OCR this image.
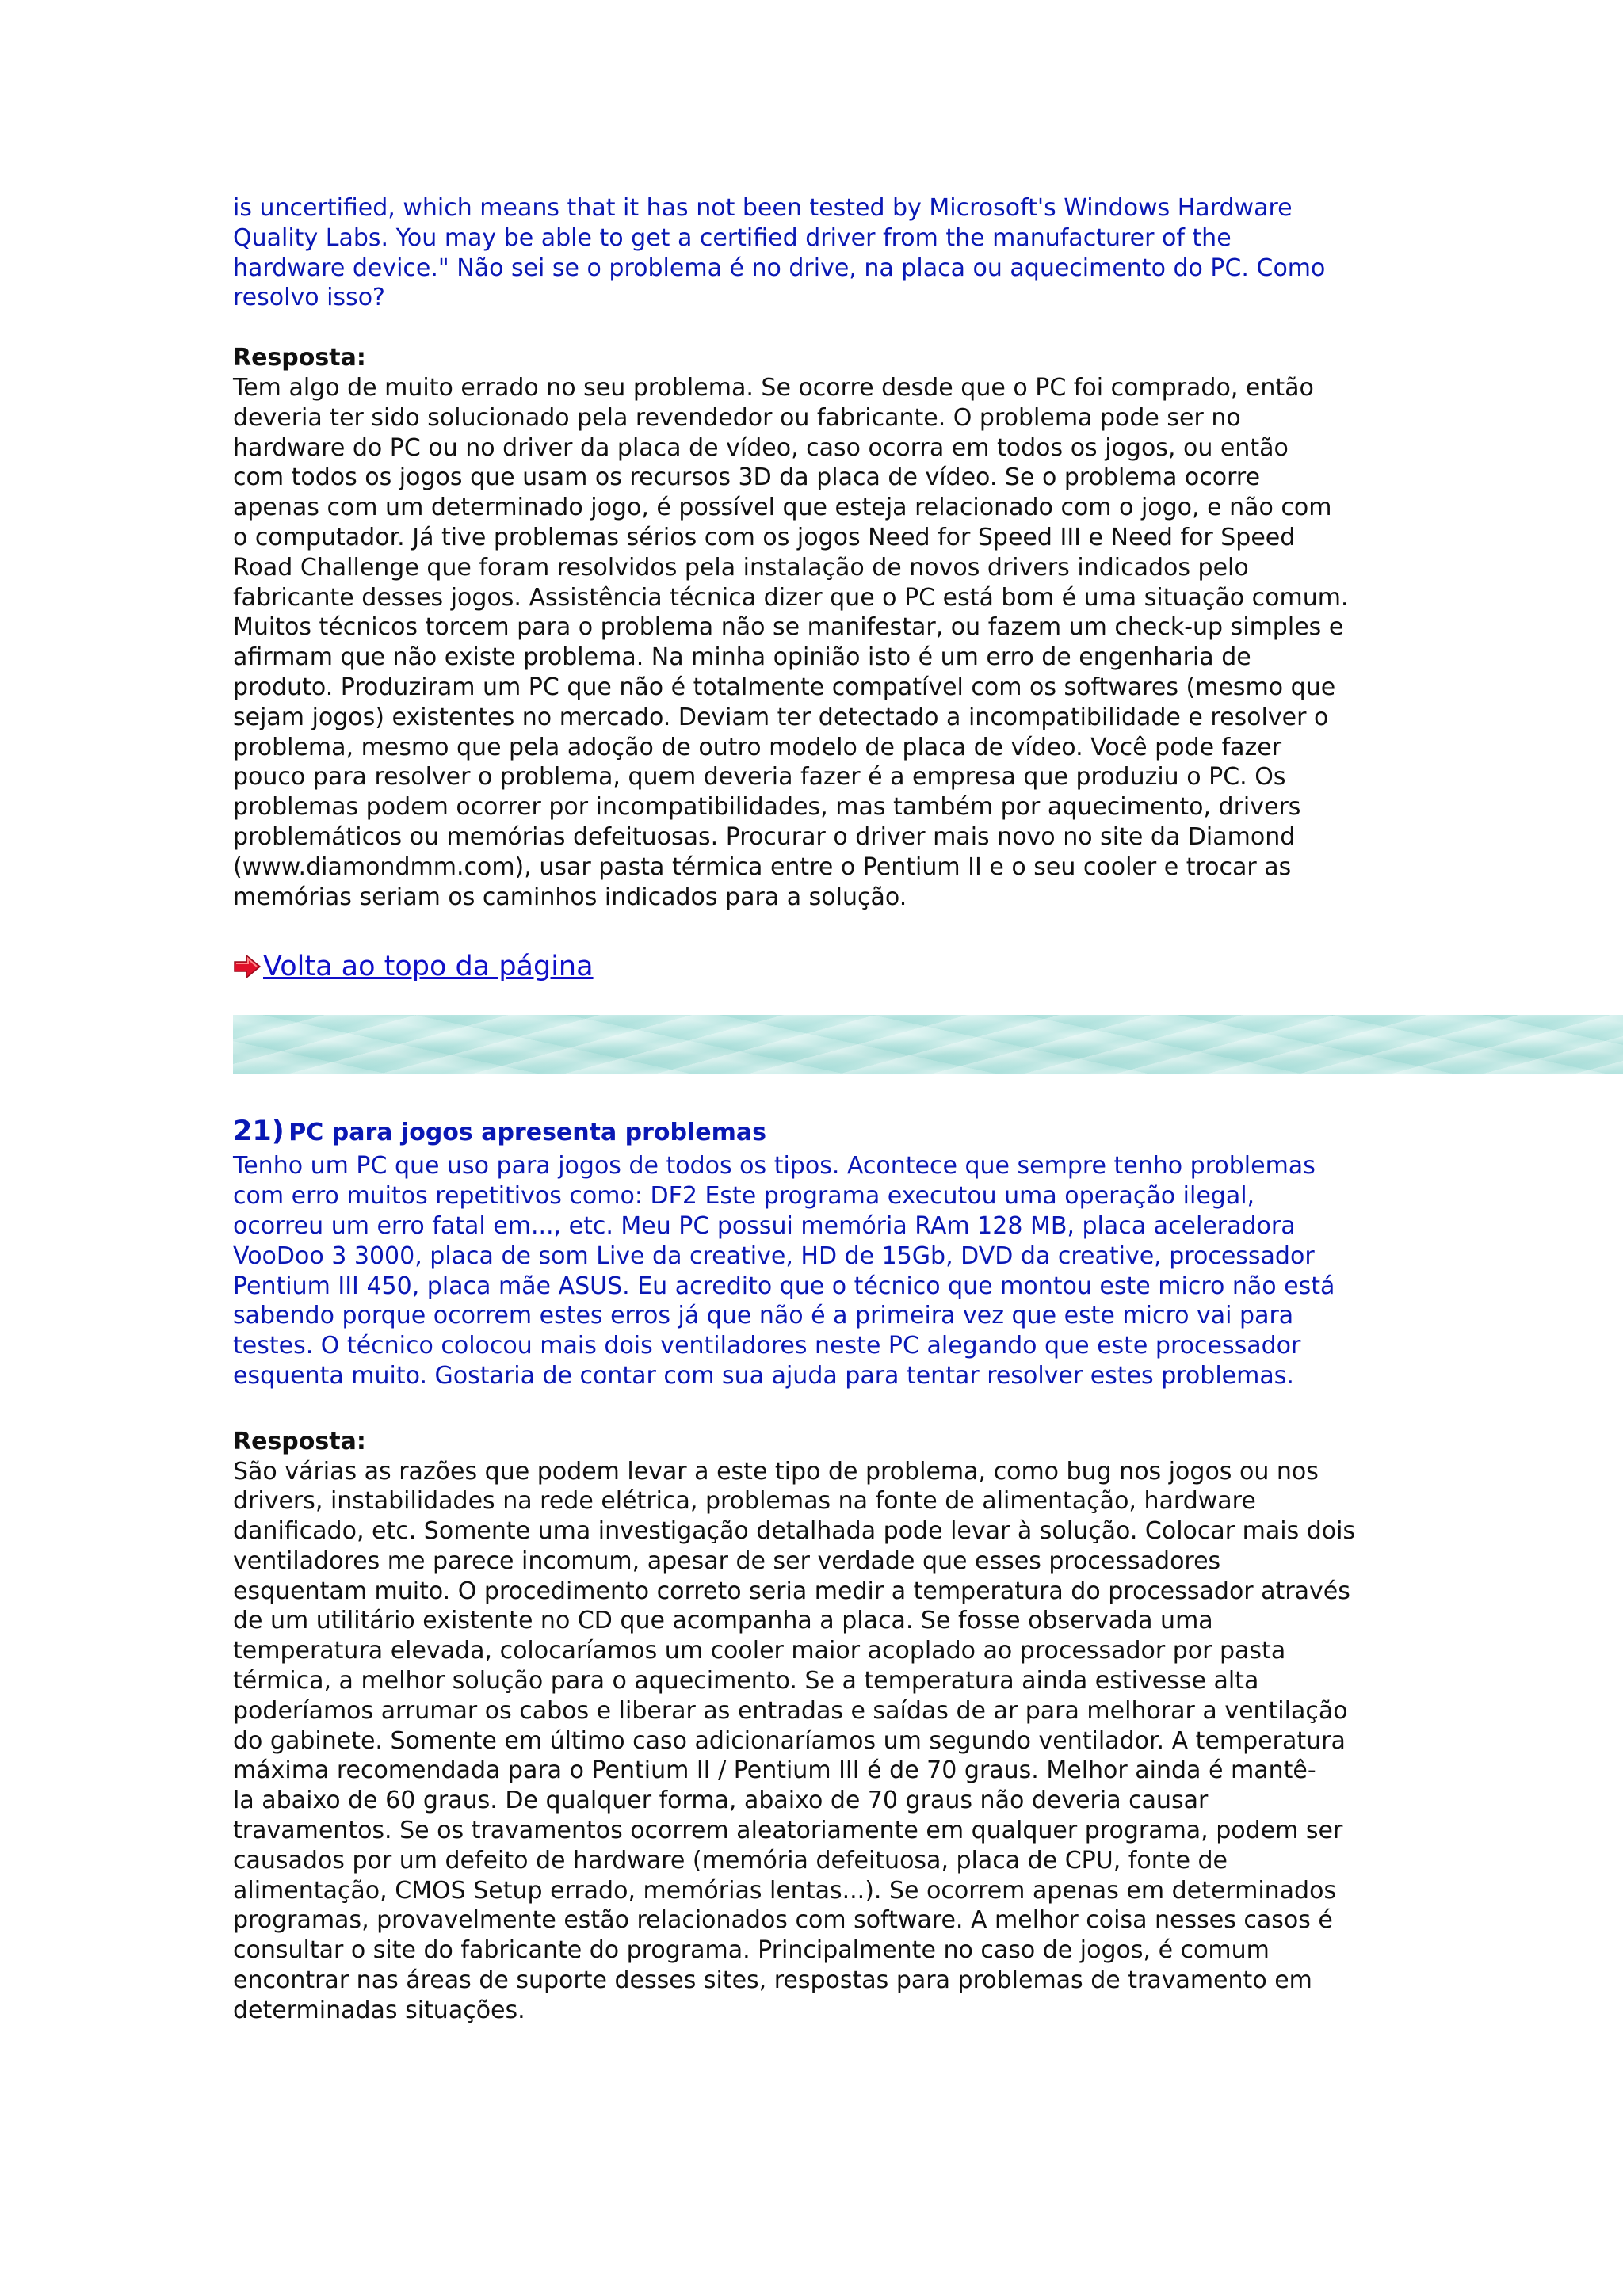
is uncertified, which means that it has not been tested by Microsoft's Windows Hardware
Quality Labs. You may be able to get a certified driver from the manufacturer of the
hardware device." Não sei se o problema é no drive, na placa ou aquecimento do PC. Como
resolvo isso?

Resposta:

Tem algo de muito errado no seu problema. Se ocorre desde que o PC foi comprado, então
deveria ter sido solucionado pela revendedor ou fabricante. O problema pode ser no
hardware do PC ou no driver da placa de vídeo, caso ocorra em todos os jogos, ou então
com todos os jogos que usam os recursos 3D da placa de vídeo. Se o problema ocorre
apenas com um determinado jogo, é possível que esteja relacionado com o jogo, e não com
o computador. Já tive problemas sérios com os jogos Need for Speed III e Need for Speed
Road Challenge que foram resolvidos pela instalação de novos drivers indicados pelo
fabricante desses jogos. Assistência técnica dizer que o PC está bom é uma situação comum.
Muitos técnicos torcem para o problema não se manifestar, ou fazem um check-up simples e
afirmam que não existe problema. Na minha opinião isto é um erro de engenharia de
produto. Produziram um PC que não é totalmente compatível com os softwares (mesmo que
sejam jogos) existentes no mercado. Deviam ter detectado a incompatibilidade e resolver o
problema, mesmo que pela adoção de outro modelo de placa de vídeo. Você pode fazer
pouco para resolver o problema, quem deveria fazer é a empresa que produziu o PC. Os
problemas podem ocorrer por incompatibilidades, mas também por aquecimento, drivers
problemáticos ou memórias defeituosas. Procurar o driver mais novo no site da Diamond
(www.diamondmm.com), usar pasta térmica entre o Pentium II e o seu cooler e trocar as
memórias seriam os caminhos indicados para a solução.

Volta ao topo da página
21) PC para jogos apresenta problemas

Tenho um PC que uso para jogos de todos os tipos. Acontece que sempre tenho problemas
com erro muitos repetitivos como: DF2 Este programa executou uma operação ilegal,
ocorreu um erro fatal em..., etc. Meu PC possui memória RAm 128 MB, placa aceleradora
VooDoo 3 3000, placa de som Live da creative, HD de 15Gb, DVD da creative, processador
Pentium III 450, placa mãe ASUS. Eu acredito que o técnico que montou este micro não está
sabendo porque ocorrem estes erros já que não é a primeira vez que este micro vai para
testes. O técnico colocou mais dois ventiladores neste PC alegando que este processador
esquenta muito. Gostaria de contar com sua ajuda para tentar resolver estes problemas.

Resposta:

São várias as razões que podem levar a este tipo de problema, como bug nos jogos ou nos
drivers, instabilidades na rede elétrica, problemas na fonte de alimentação, hardware
danificado, etc. Somente uma investigação detalhada pode levar à solução. Colocar mais dois
ventiladores me parece incomum, apesar de ser verdade que esses processadores
esquentam muito. O procedimento correto seria medir a temperatura do processador através
de um utilitário existente no CD que acompanha a placa. Se fosse observada uma
temperatura elevada, colocaríamos um cooler maior acoplado ao processador por pasta
térmica, a melhor solução para o aquecimento. Se a temperatura ainda estivesse alta
poderíamos arrumar os cabos e liberar as entradas e saídas de ar para melhorar a ventilação
do gabinete. Somente em último caso adicionaríamos um segundo ventilador. A temperatura
máxima recomendada para o Pentium II / Pentium III é de 70 graus. Melhor ainda é mantê-
la abaixo de 60 graus. De qualquer forma, abaixo de 70 graus não deveria causar
travamentos. Se os travamentos ocorrem aleatoriamente em qualquer programa, podem ser
causados por um defeito de hardware (memória defeituosa, placa de CPU, fonte de
alimentação, CMOS Setup errado, memórias lentas...). Se ocorrem apenas em determinados
programas, provavelmente estão relacionados com software. A melhor coisa nesses casos é
consultar o site do fabricante do programa. Principalmente no caso de jogos, é comum
encontrar nas áreas de suporte desses sites, respostas para problemas de travamento em
determinadas situações.
